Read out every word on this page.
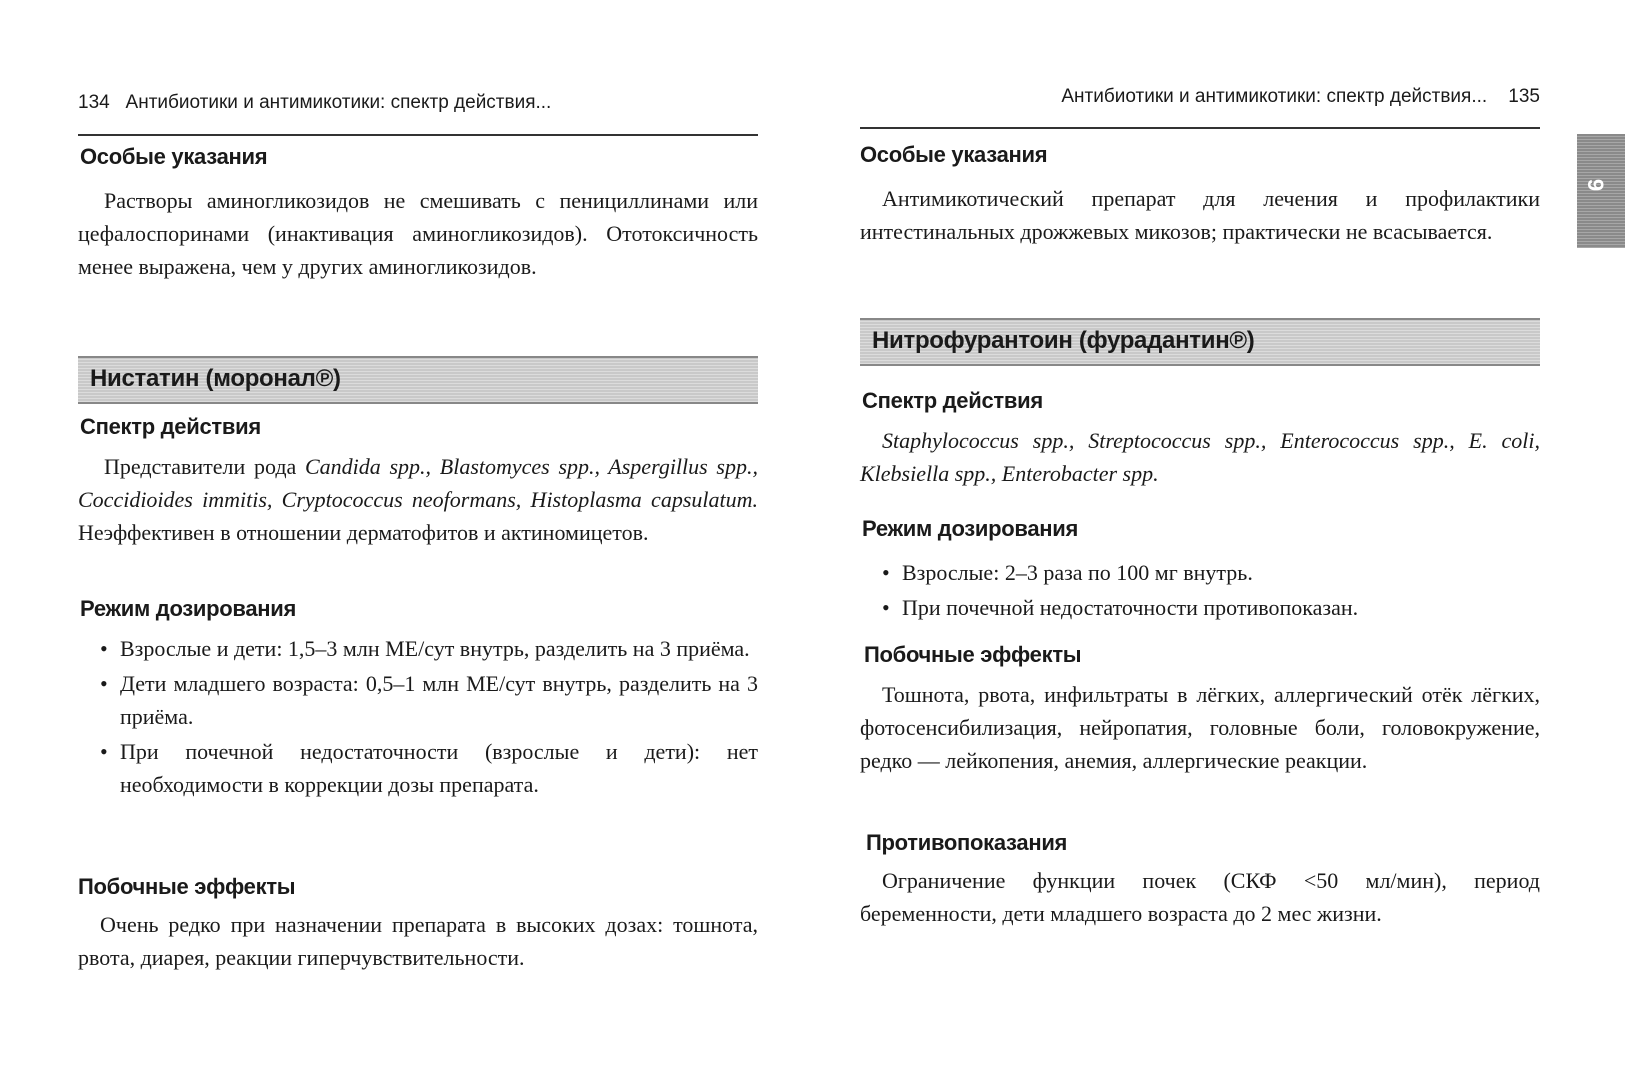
134 Антибиотики и антимикотики: спектр действия...
Особые указания
Растворы аминогликозидов не смешивать с пенициллинами или цефалоспоринами (инактивация аминогликозидов). Ототоксичность менее выражена, чем у других аминогликозидов.
Нистатин (моронал℗)
Спектр действия
Представители рода Candida spp., Blastomyces spp., Aspergillus spp., Coccidioides immitis, Cryptococcus neoformans, Histoplasma capsulatum. Неэффективен в отношении дерматофитов и актиномицетов.
Режим дозирования
• Взрослые и дети: 1,5–3 млн МЕ/сут внутрь, разделить на 3 приёма.
• Дети младшего возраста: 0,5–1 млн МЕ/сут внутрь, разделить на 3 приёма.
• При почечной недостаточности (взрослые и дети): нет необходимости в коррекции дозы препарата.
Побочные эффекты
Очень редко при назначении препарата в высоких дозах: тошнота, рвота, диарея, реакции гиперчувствительности.
Антибиотики и антимикотики: спектр действия... 135
Особые указания
Антимикотический препарат для лечения и профилактики интестинальных дрожжевых микозов; практически не всасывается.
Нитрофурантоин (фурадантин℗)
Спектр действия
Staphylococcus spp., Streptococcus spp., Enterococcus spp., E. coli, Klebsiella spp., Enterobacter spp.
Режим дозирования
• Взрослые: 2–3 раза по 100 мг внутрь.
• При почечной недостаточности противопоказан.
Побочные эффекты
Тошнота, рвота, инфильтраты в лёгких, аллергический отёк лёгких, фотосенсибилизация, нейропатия, головные боли, головокружение, редко — лейкопения, анемия, аллергические реакции.
Противопоказания
Ограничение функции почек (СКФ <50 мл/мин), период беременности, дети младшего возраста до 2 мес жизни.
9
